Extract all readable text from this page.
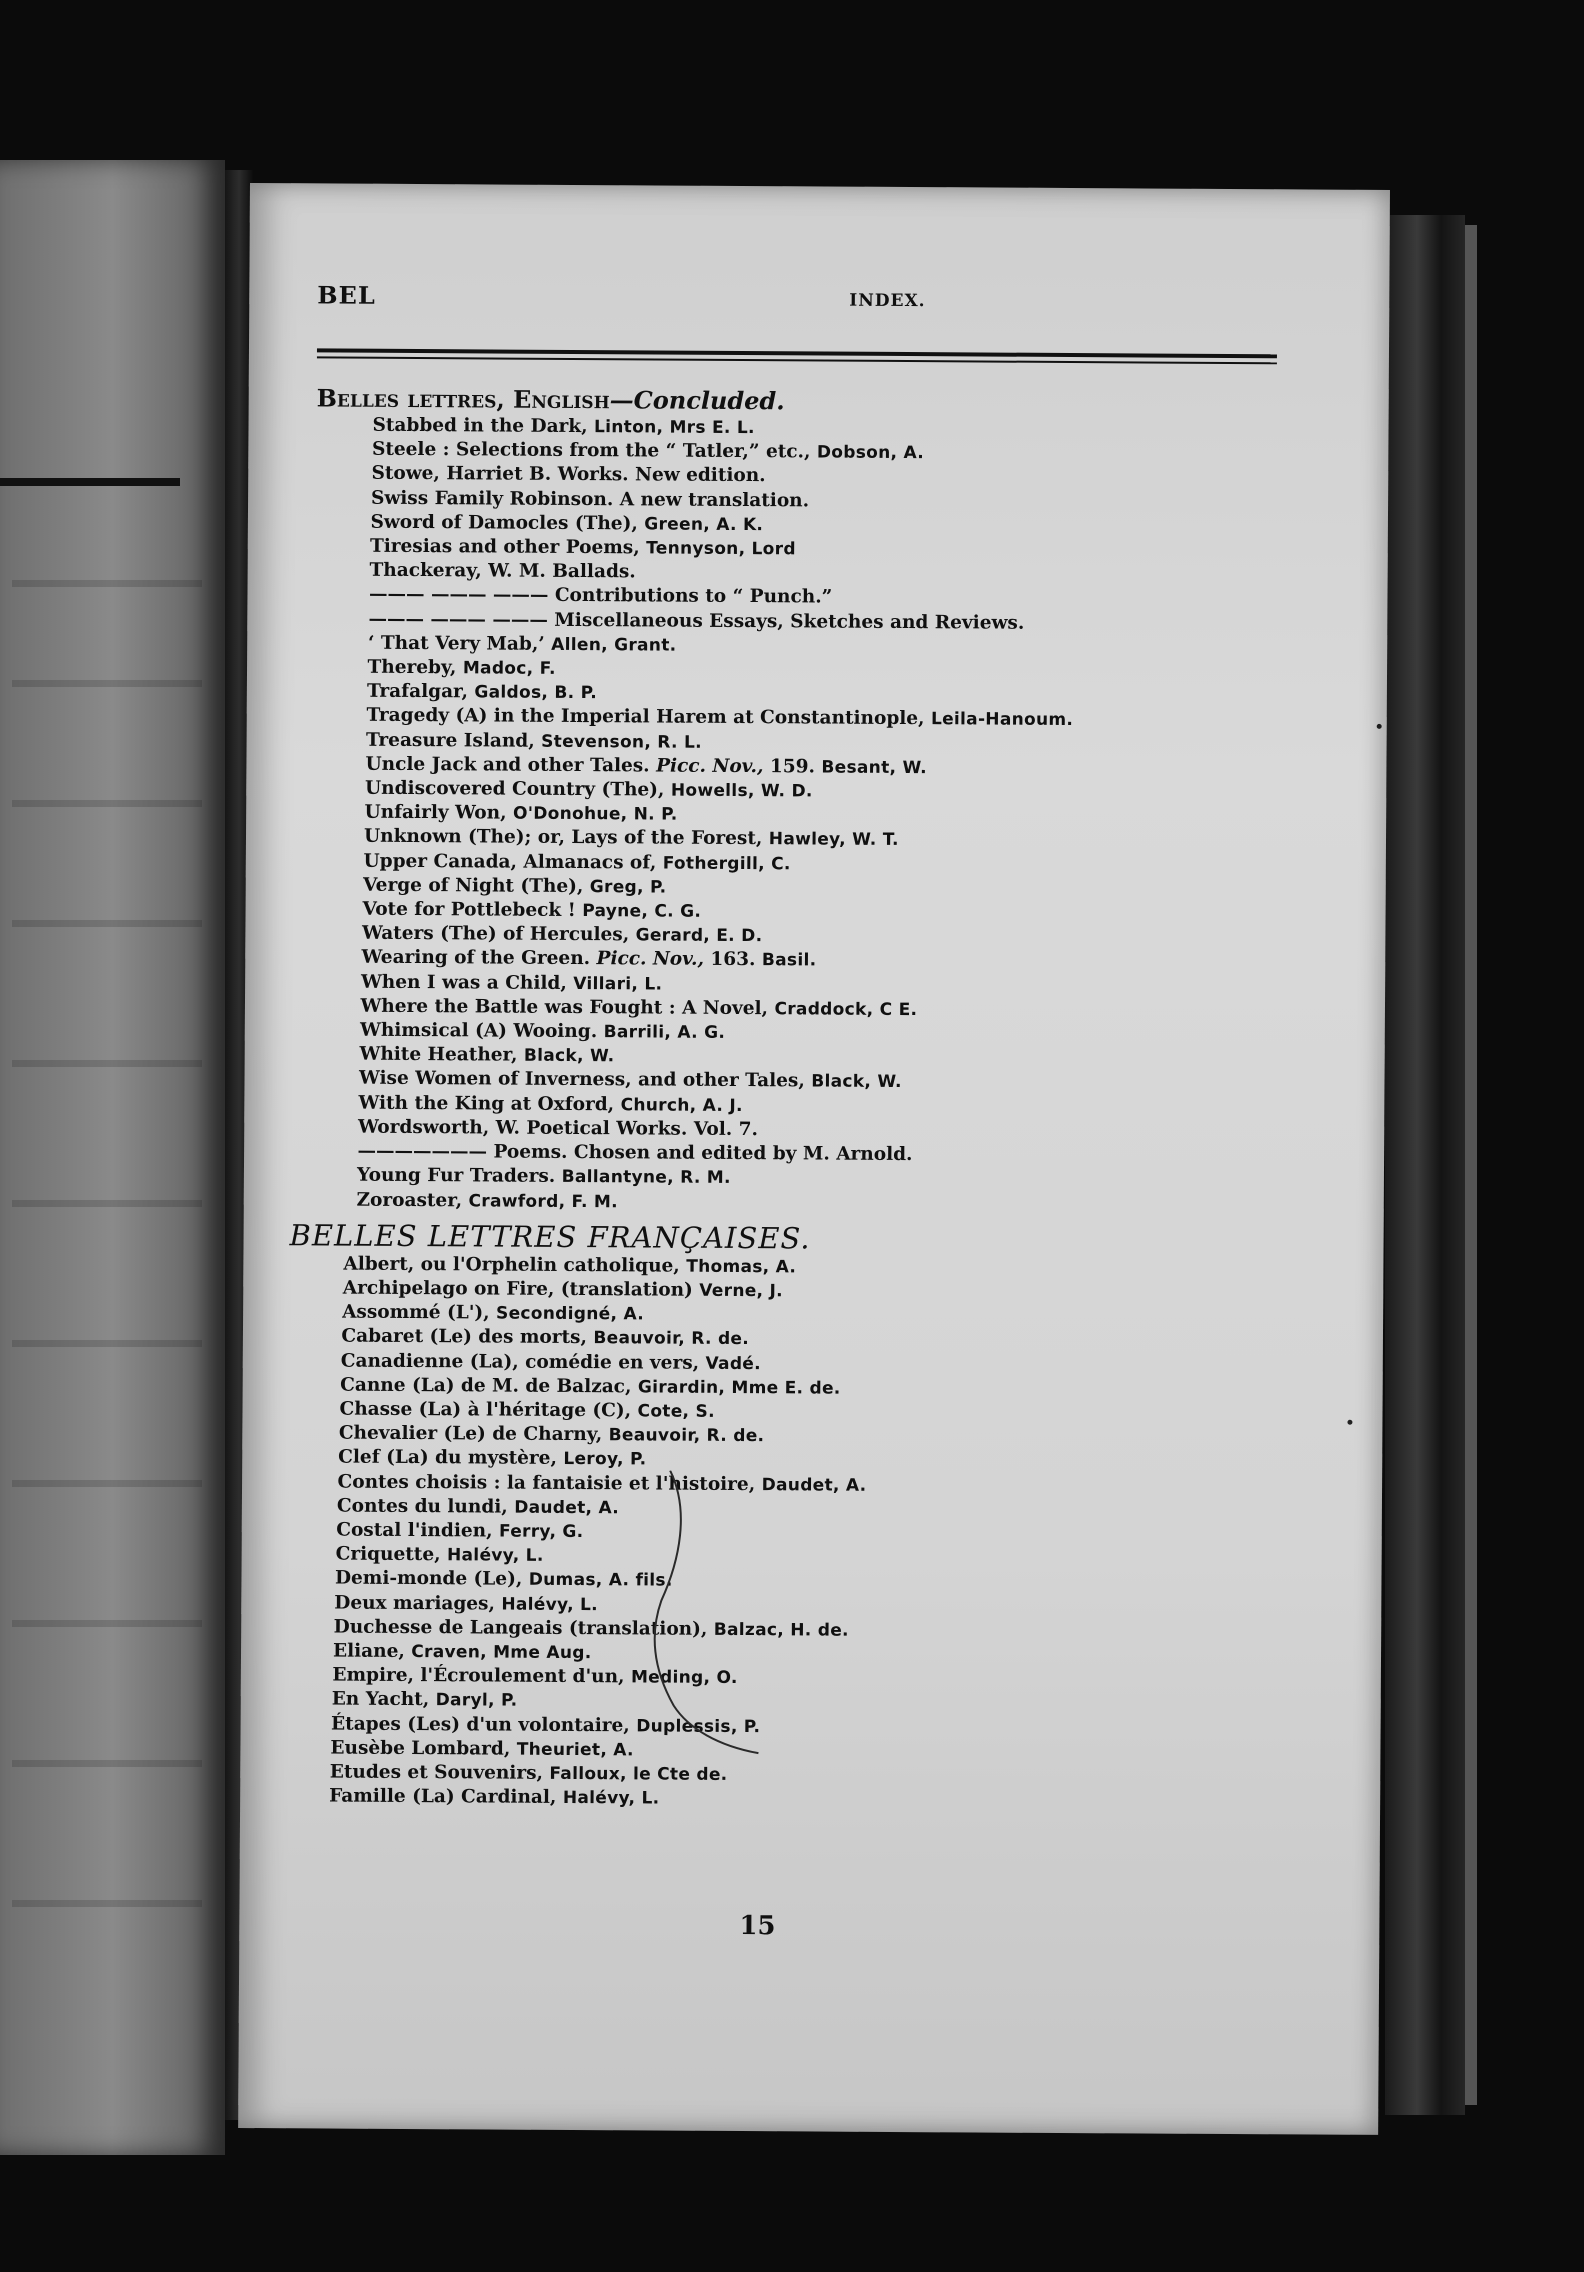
BEL	INDEX.
Belles lettres, English—Concluded.
Stabbed in the Dark, Linton, Mrs E. L.
Steele : Selections from the “ Tatler,” etc., Dobson, A.
Stowe, Harriet B. Works. New edition.
Swiss Family Robinson. A new translation.
Sword of Damocles (The), Green, A. K.
Tiresias and other Poems, Tennyson, Lord
Thackeray, W. M. Ballads.
——— ——— ——— Contributions to “ Punch.”
——— ——— ——— Miscellaneous Essays, Sketches and Reviews.
‘ That Very Mab,’ Allen, Grant.
Thereby, Madoc, F.
Trafalgar, Galdos, B. P.
Tragedy (A) in the Imperial Harem at Constantinople, Leila-Hanoum.
Treasure Island, Stevenson, R. L.
Uncle Jack and other Tales. Picc. Nov., 159. Besant, W.
Undiscovered Country (The), Howells, W. D.
Unfairly Won, O'Donohue, N. P.
Unknown (The); or, Lays of the Forest, Hawley, W. T.
Upper Canada, Almanacs of, Fothergill, C.
Verge of Night (The), Greg, P.
Vote for Pottlebeck ! Payne, C. G.
Waters (The) of Hercules, Gerard, E. D.
Wearing of the Green. Picc. Nov., 163. Basil.
When I was a Child, Villari, L.
Where the Battle was Fought : A Novel, Craddock, C E.
Whimsical (A) Wooing. Barrili, A. G.
White Heather, Black, W.
Wise Women of Inverness, and other Tales, Black, W.
With the King at Oxford, Church, A. J.
Wordsworth, W. Poetical Works. Vol. 7.
——————— Poems. Chosen and edited by M. Arnold.
Young Fur Traders. Ballantyne, R. M.
Zoroaster, Crawford, F. M.
BELLES LETTRES FRANÇAISES.
Albert, ou l'Orphelin catholique, Thomas, A.
Archipelago on Fire, (translation) Verne, J.
Assommé (L'), Secondigné, A.
Cabaret (Le) des morts, Beauvoir, R. de.
Canadienne (La), comédie en vers, Vadé.
Canne (La) de M. de Balzac, Girardin, Mme E. de.
Chasse (La) à l'héritage (C), Cote, S.
Chevalier (Le) de Charny, Beauvoir, R. de.
Clef (La) du mystère, Leroy, P.
Contes choisis : la fantaisie et l'histoire, Daudet, A.
Contes du lundi, Daudet, A.
Costal l'indien, Ferry, G.
Criquette, Halévy, L.
Demi-monde (Le), Dumas, A. fils.
Deux mariages, Halévy, L.
Duchesse de Langeais (translation), Balzac, H. de.
Eliane, Craven, Mme Aug.
Empire, l'Écroulement d'un, Meding, O.
En Yacht, Daryl, P.
Étapes (Les) d'un volontaire, Duplessis, P.
Eusèbe Lombard, Theuriet, A.
Etudes et Souvenirs, Falloux, le Cte de.
Famille (La) Cardinal, Halévy, L.
15
